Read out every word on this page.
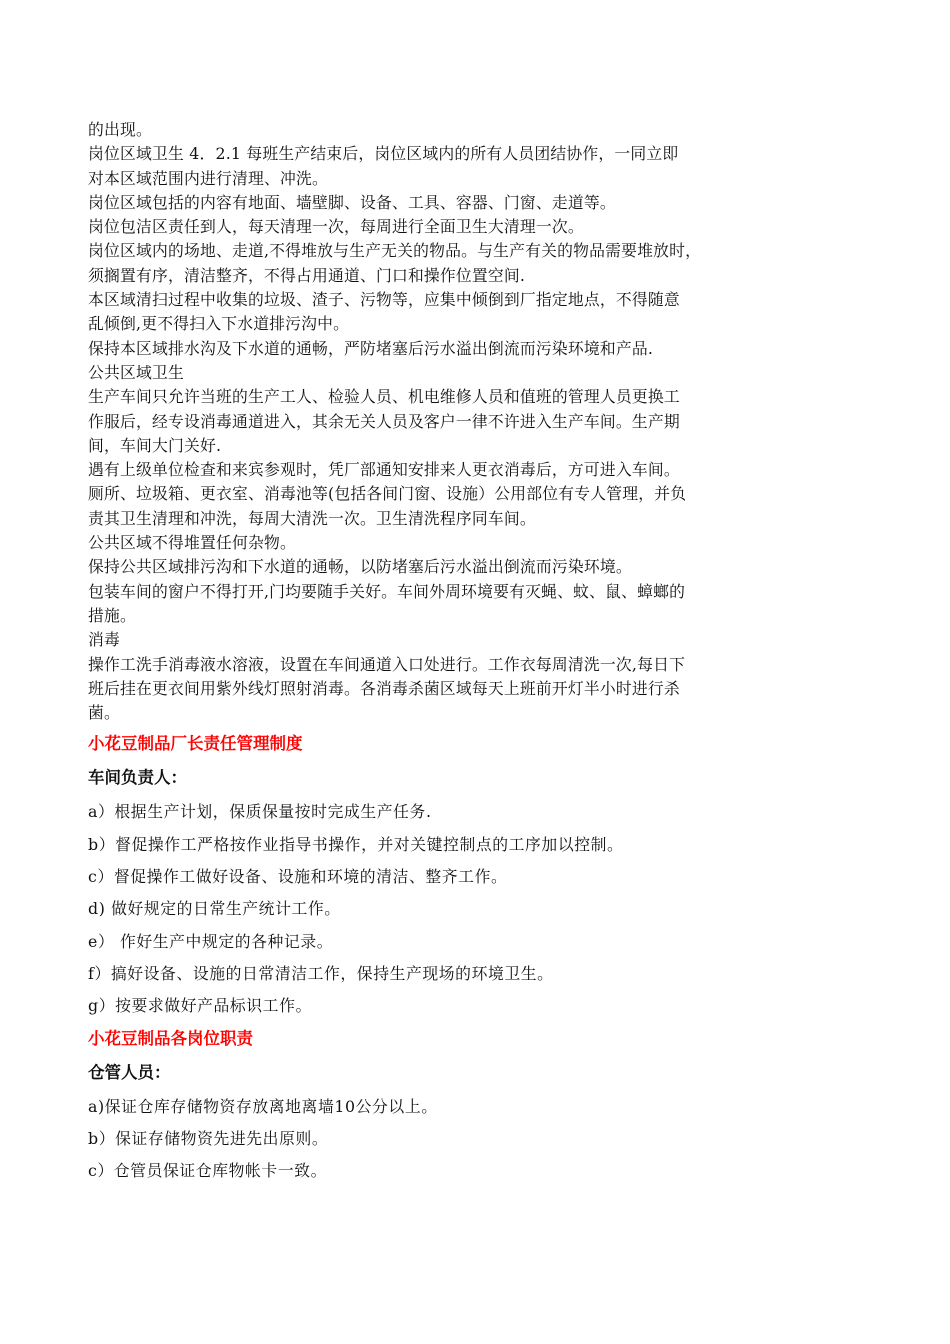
的出现。
岗位区域卫生 4．2.1 每班生产结束后，岗位区域内的所有人员团结协作，一同立即
对本区域范围内进行清理、冲洗。
岗位区域包括的内容有地面、墙壁脚、设备、工具、容器、门窗、走道等。
岗位包洁区责任到人，每天清理一次，每周进行全面卫生大清理一次。
岗位区域内的场地、走道,不得堆放与生产无关的物品。与生产有关的物品需要堆放时，
须搁置有序，清洁整齐，不得占用通道、门口和操作位置空间.
本区域清扫过程中收集的垃圾、渣子、污物等，应集中倾倒到厂指定地点，不得随意
乱倾倒,更不得扫入下水道排污沟中。
保持本区域排水沟及下水道的通畅，严防堵塞后污水溢出倒流而污染环境和产品.
公共区域卫生
生产车间只允许当班的生产工人、检验人员、机电维修人员和值班的管理人员更换工
作服后，经专设消毒通道进入，其余无关人员及客户一律不许进入生产车间。生产期
间，车间大门关好.
遇有上级单位检查和来宾参观时，凭厂部通知安排来人更衣消毒后，方可进入车间。
厕所、垃圾箱、更衣室、消毒池等(包括各间门窗、设施）公用部位有专人管理，并负
责其卫生清理和冲洗，每周大清洗一次。卫生清洗程序同车间。
公共区域不得堆置任何杂物。
保持公共区域排污沟和下水道的通畅，以防堵塞后污水溢出倒流而污染环境。
包装车间的窗户不得打开,门均要随手关好。车间外周环境要有灭蝇、蚊、鼠、蟑螂的
措施。
消毒
操作工洗手消毒液水溶液，设置在车间通道入口处进行。工作衣每周清洗一次,每日下
班后挂在更衣间用紫外线灯照射消毒。各消毒杀菌区域每天上班前开灯半小时进行杀
菌。
小花豆制品厂长责任管理制度
车间负责人：
a）根据生产计划，保质保量按时完成生产任务.
b）督促操作工严格按作业指导书操作，并对关键控制点的工序加以控制。
c）督促操作工做好设备、设施和环境的清洁、整齐工作。
d) 做好规定的日常生产统计工作。
e） 作好生产中规定的各种记录。
f）搞好设备、设施的日常清洁工作，保持生产现场的环境卫生。
g）按要求做好产品标识工作。
小花豆制品各岗位职责
仓管人员：
a)保证仓库存储物资存放离地离墙10公分以上。
b）保证存储物资先进先出原则。
c）仓管员保证仓库物帐卡一致。
